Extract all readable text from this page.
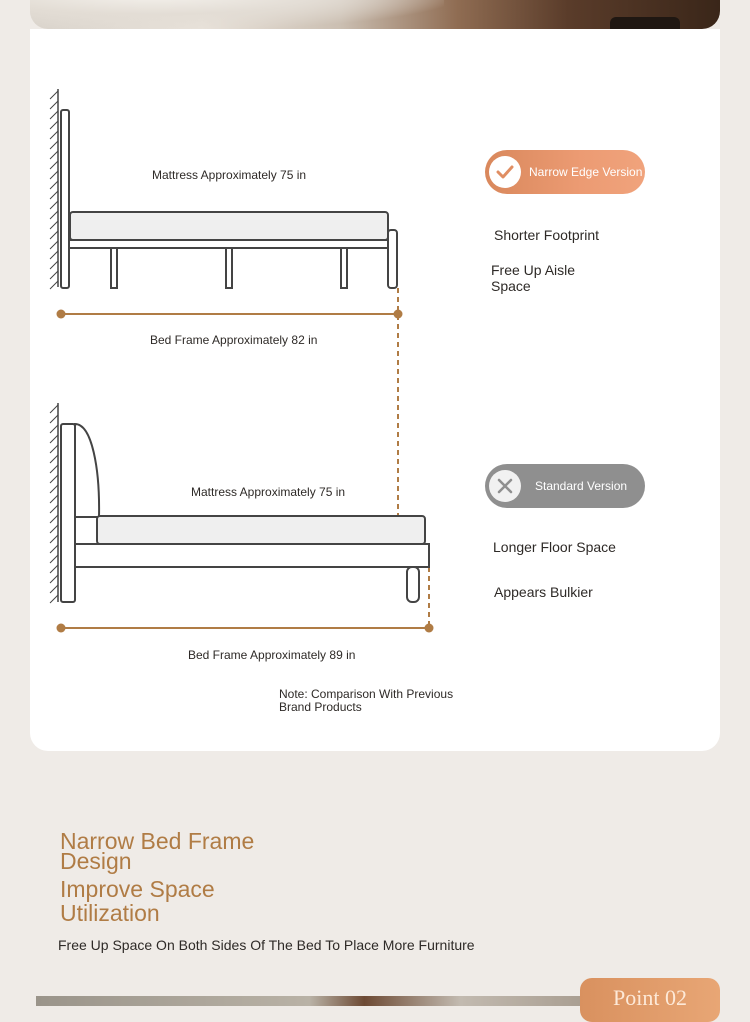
Mattress Approximately 75 in
Bed Frame Approximately 82 in
Mattress Approximately 75 in
Bed Frame Approximately 89 in
Narrow Edge Version
Shorter Footprint
Free Up Aisle Space
Standard Version
Longer Floor Space
Appears Bulkier
Note: Comparison With Previous Brand Products
Narrow Bed Frame
Design
Improve Space
Utilization
Free Up Space On Both Sides Of The Bed To Place More Furniture
Point 02
